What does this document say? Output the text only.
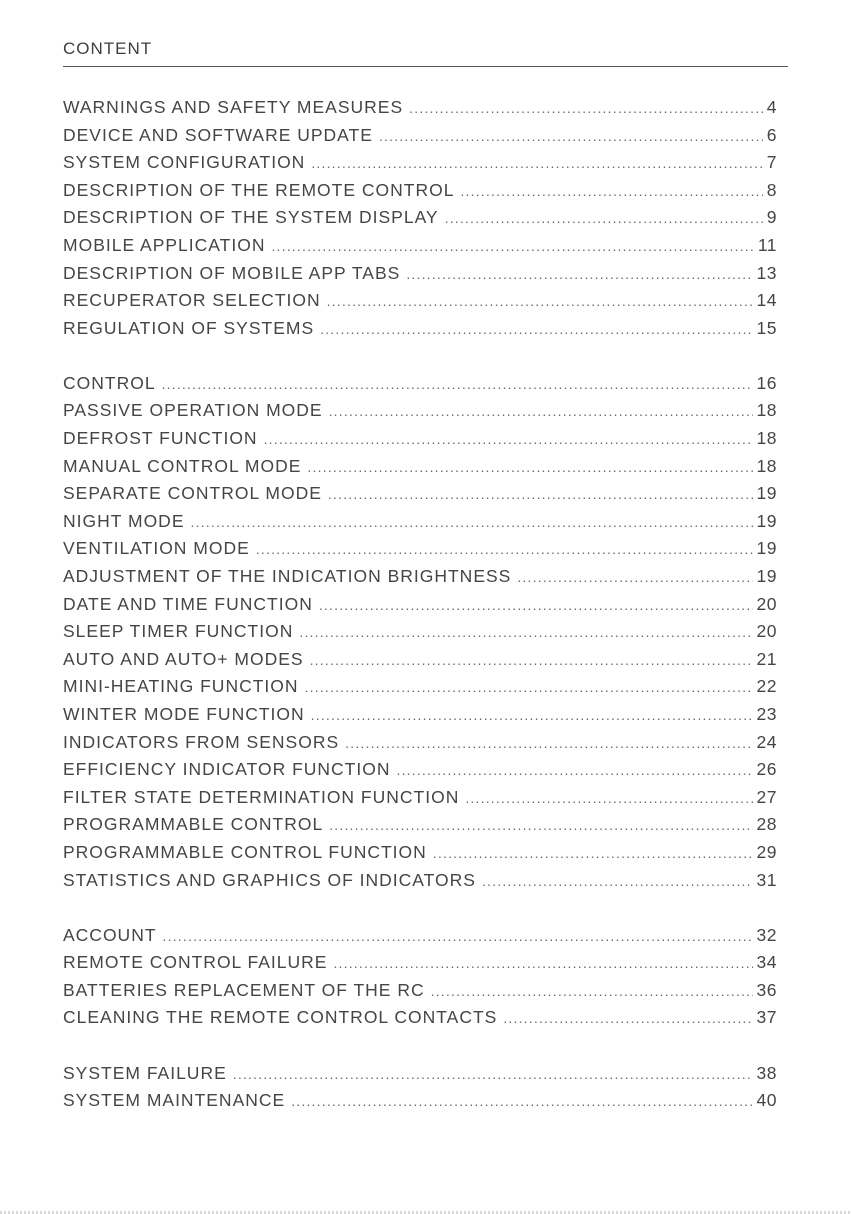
CONTENT
WARNINGS AND SAFETY MEASURES .....	4
DEVICE AND SOFTWARE UPDATE .....	6
SYSTEM CONFIGURATION .....	7
DESCRIPTION OF THE REMOTE CONTROL .....	8
DESCRIPTION OF THE SYSTEM DISPLAY .....	9
MOBILE APPLICATION .....	11
DESCRIPTION OF MOBILE APP TABS .....	13
RECUPERATOR SELECTION .....	14
REGULATION OF SYSTEMS .....	15
CONTROL .....	16
PASSIVE OPERATION MODE .....	18
DEFROST FUNCTION .....	18
MANUAL CONTROL MODE .....	18
SEPARATE CONTROL MODE .....	19
NIGHT MODE .....	19
VENTILATION MODE .....	19
ADJUSTMENT OF THE INDICATION BRIGHTNESS .....	19
DATE AND TIME FUNCTION .....	20
SLEEP TIMER FUNCTION .....	20
AUTO AND AUTO+ MODES .....	21
MINI-HEATING FUNCTION .....	22
WINTER MODE FUNCTION .....	23
INDICATORS FROM SENSORS .....	24
EFFICIENCY INDICATOR FUNCTION .....	26
FILTER STATE DETERMINATION FUNCTION .....	27
PROGRAMMABLE CONTROL .....	28
PROGRAMMABLE CONTROL FUNCTION .....	29
STATISTICS AND GRAPHICS OF INDICATORS .....	31
ACCOUNT .....	32
REMOTE CONTROL FAILURE .....	34
BATTERIES REPLACEMENT OF THE RC .....	36
CLEANING THE REMOTE CONTROL CONTACTS .....	37
SYSTEM FAILURE .....	38
SYSTEM MAINTENANCE .....	40
